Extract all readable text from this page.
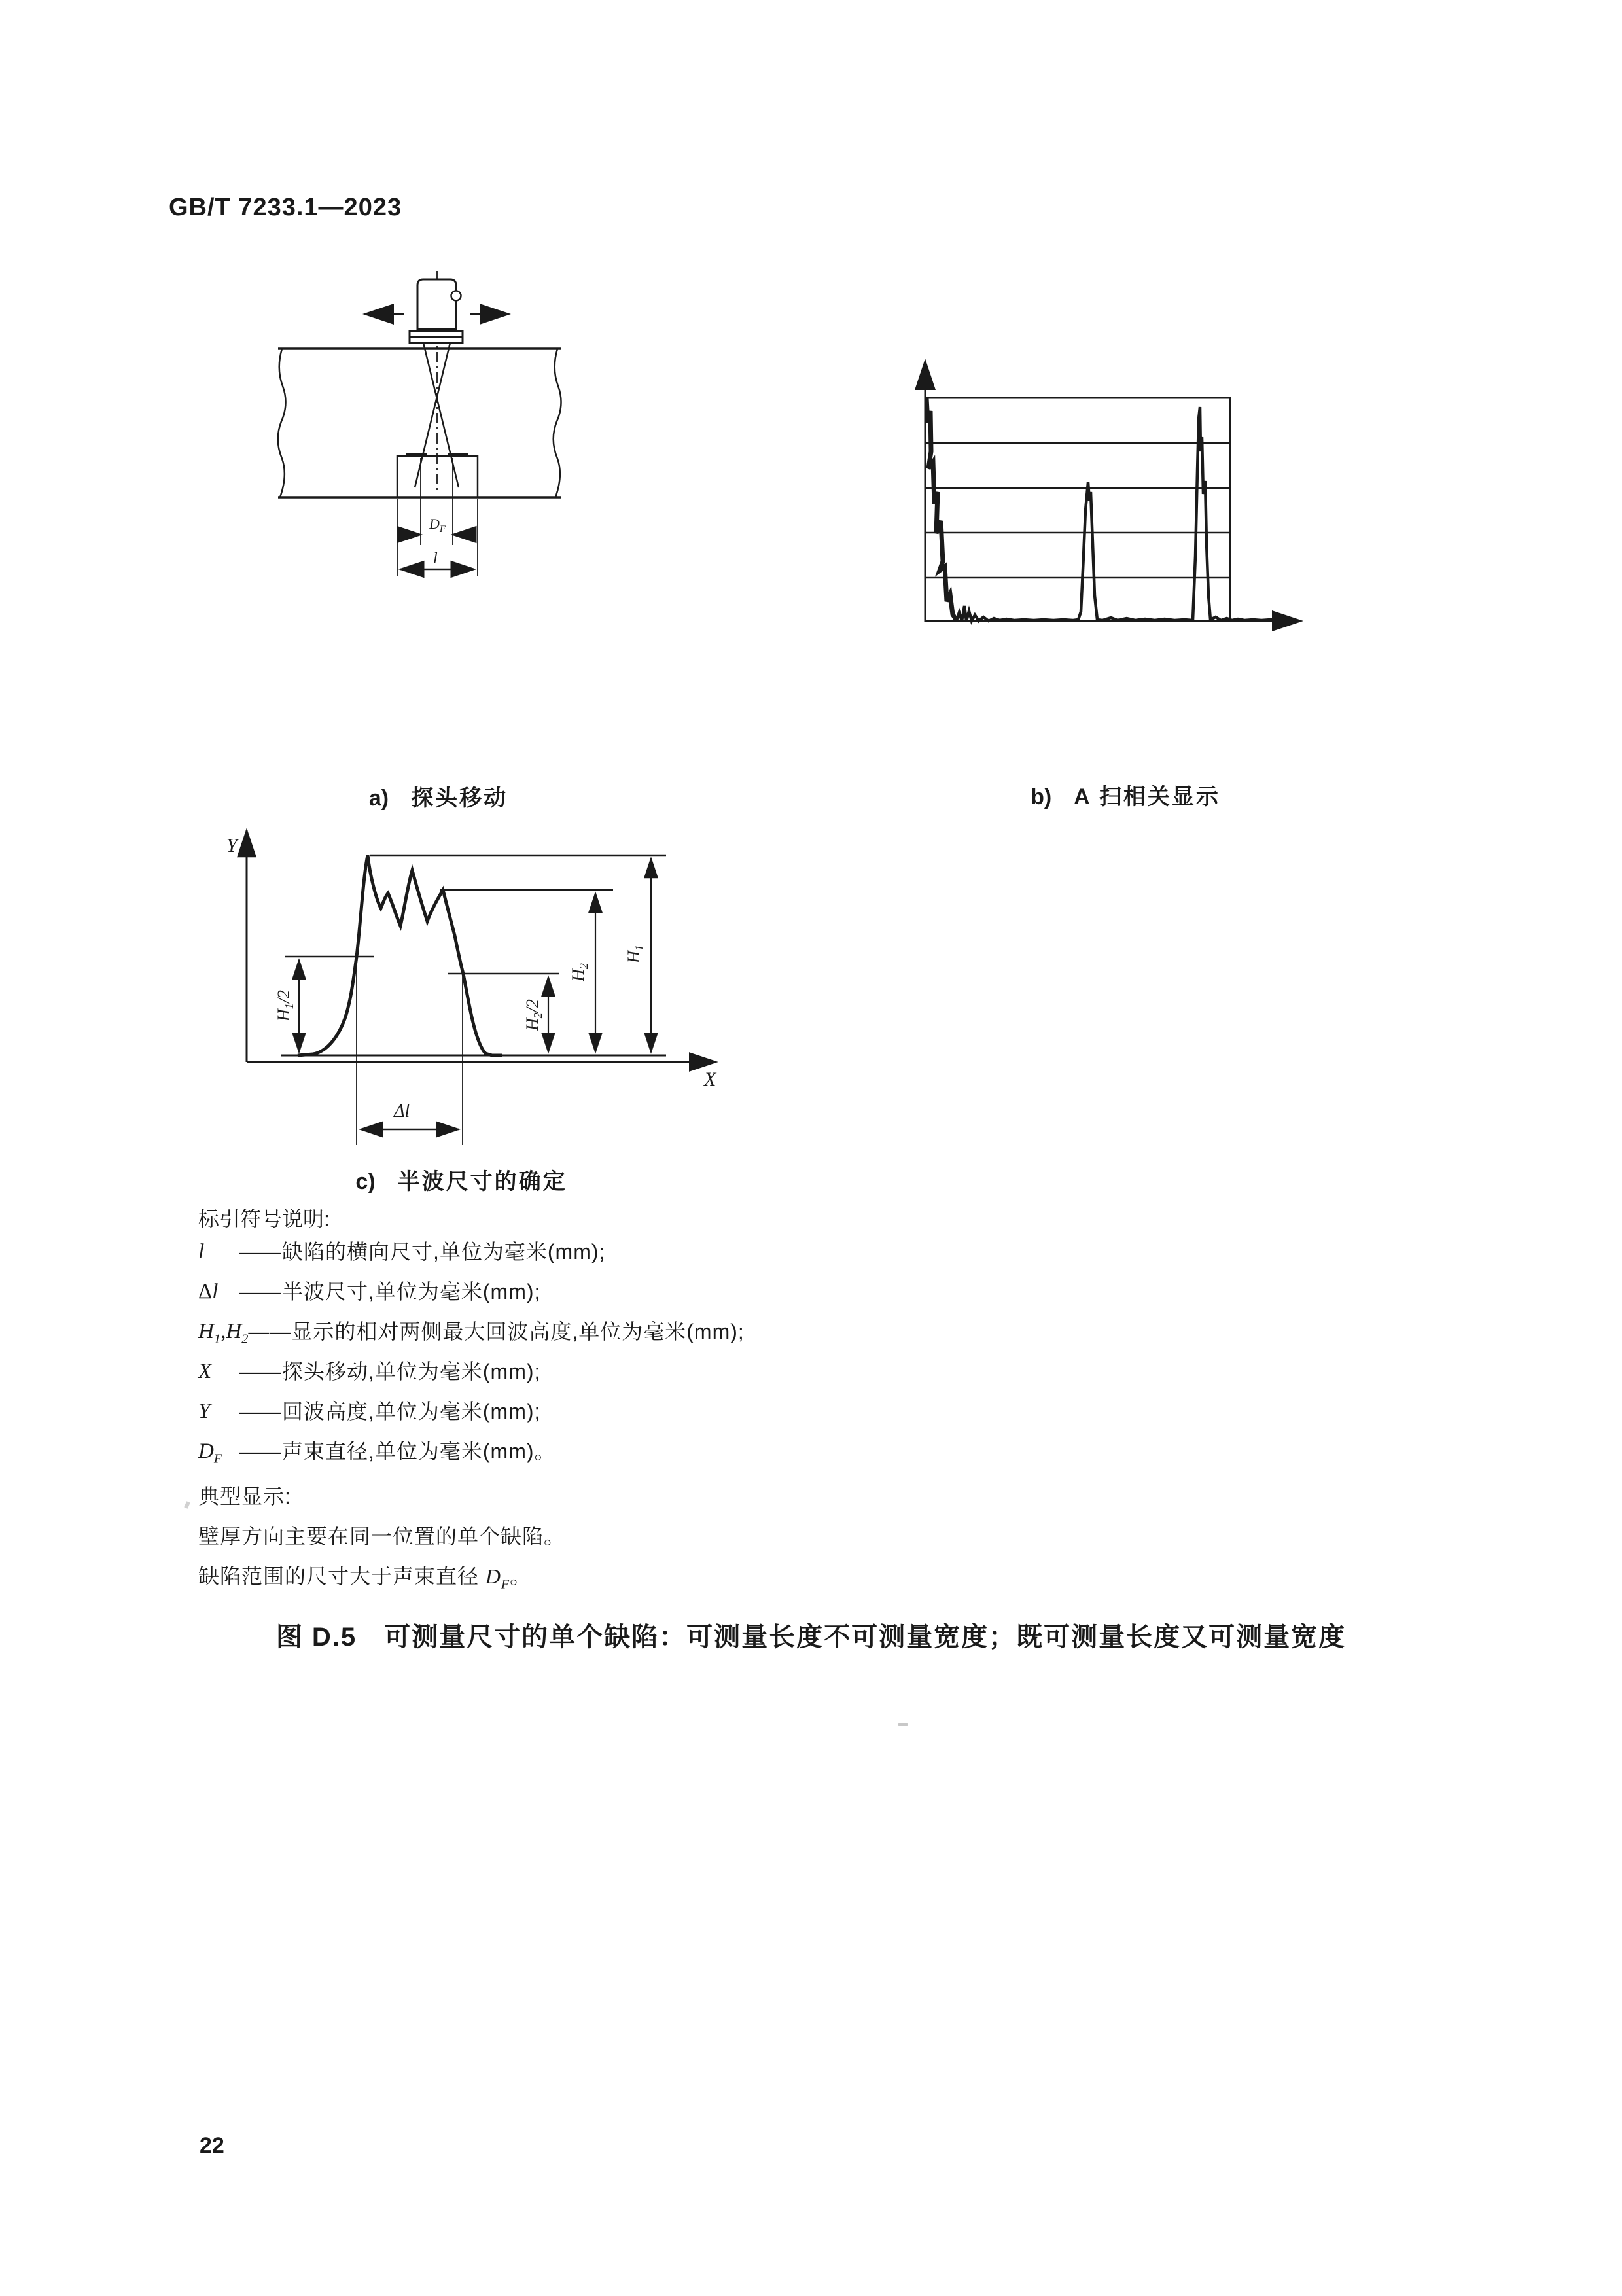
GB/T 7233.1—2023
$D_F$
l
a) 探头移动	b) A 扫相关显示
Y
X
$H_1/2$
$H_2/2$
$H_2$
$H_1$
Δl
c) 半波尺寸的确定
标引符号说明:
l	——缺陷的横向尺寸,单位为毫米(mm);
Δl ——半波尺寸,单位为毫米(mm);
$H_1,H_2$ ——显示的相对两侧最大回波高度,单位为毫米(mm);
X	——探头移动,单位为毫米(mm);
Y	——回波高度,单位为毫米(mm);
$D_F$ ——声束直径,单位为毫米(mm)。
典型显示:
壁厚方向主要在同一位置的单个缺陷。
缺陷范围的尺寸大于声束直径 $D_F$。
图 D.5　可测量尺寸的单个缺陷：可测量长度不可测量宽度；既可测量长度又可测量宽度
22
